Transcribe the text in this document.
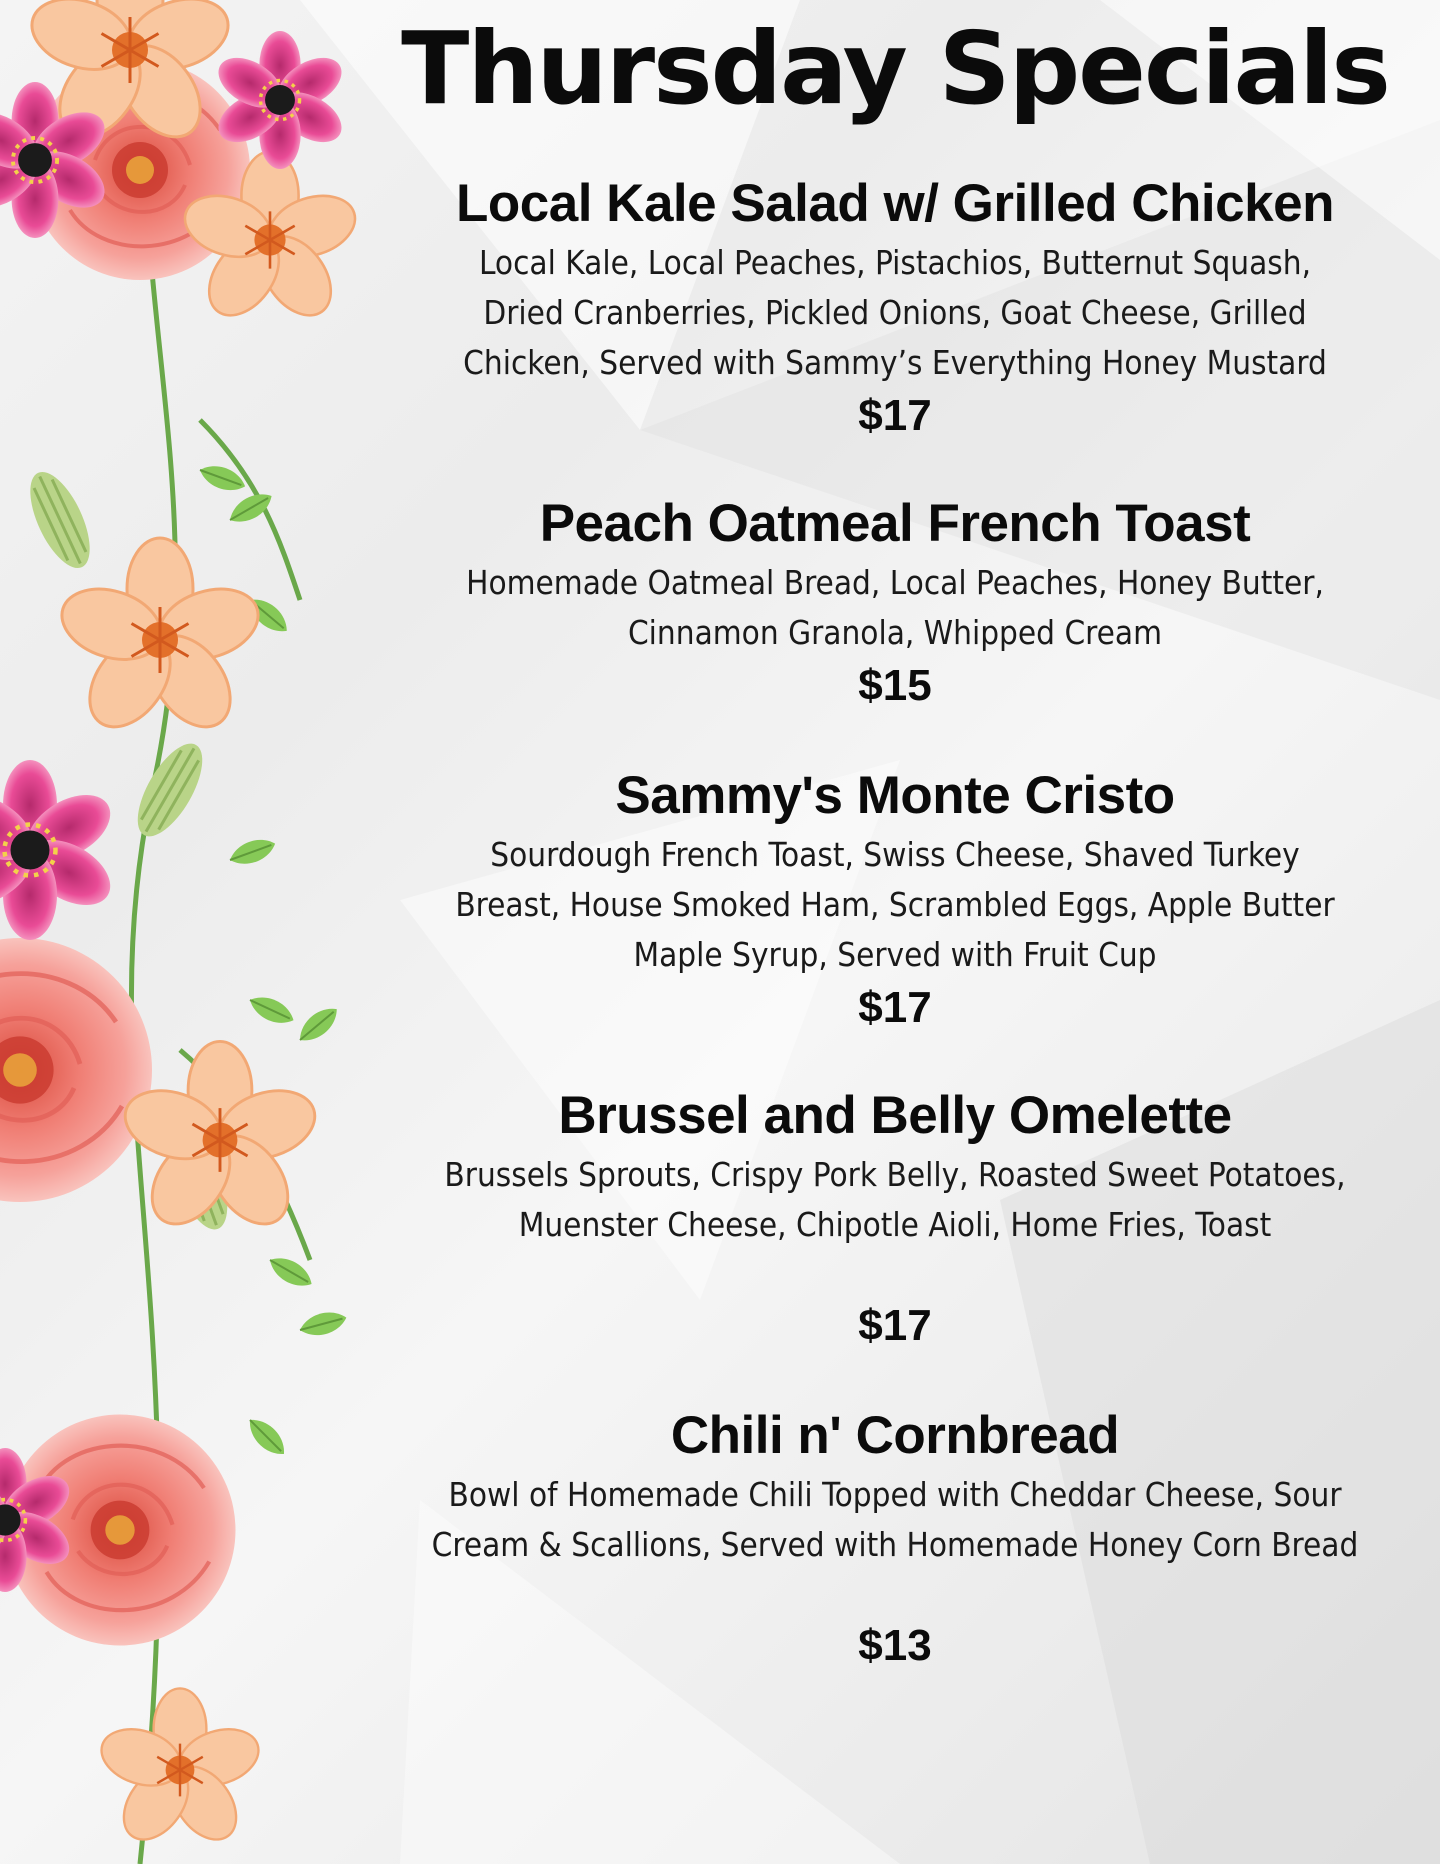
Thursday Specials
Local Kale Salad w/ Grilled Chicken

Local Kale, Local Peaches, Pistachios, Butternut Squash, Dried Cranberries, Pickled Onions, Goat Cheese, Grilled Chicken, Served with Sammy’s Everything Honey Mustard

$17
Peach Oatmeal French Toast

Homemade Oatmeal Bread, Local Peaches, Honey Butter, Cinnamon Granola, Whipped Cream

$15
Sammy's Monte Cristo

Sourdough French Toast, Swiss Cheese, Shaved Turkey Breast, House Smoked Ham, Scrambled Eggs, Apple Butter Maple Syrup, Served with Fruit Cup

$17
Brussel and Belly Omelette

Brussels Sprouts, Crispy Pork Belly, Roasted Sweet Potatoes, Muenster Cheese, Chipotle Aioli, Home Fries, Toast

$17
Chili n' Cornbread

Bowl of Homemade Chili Topped with Cheddar Cheese, Sour Cream & Scallions, Served with Homemade Honey Corn Bread

$13
